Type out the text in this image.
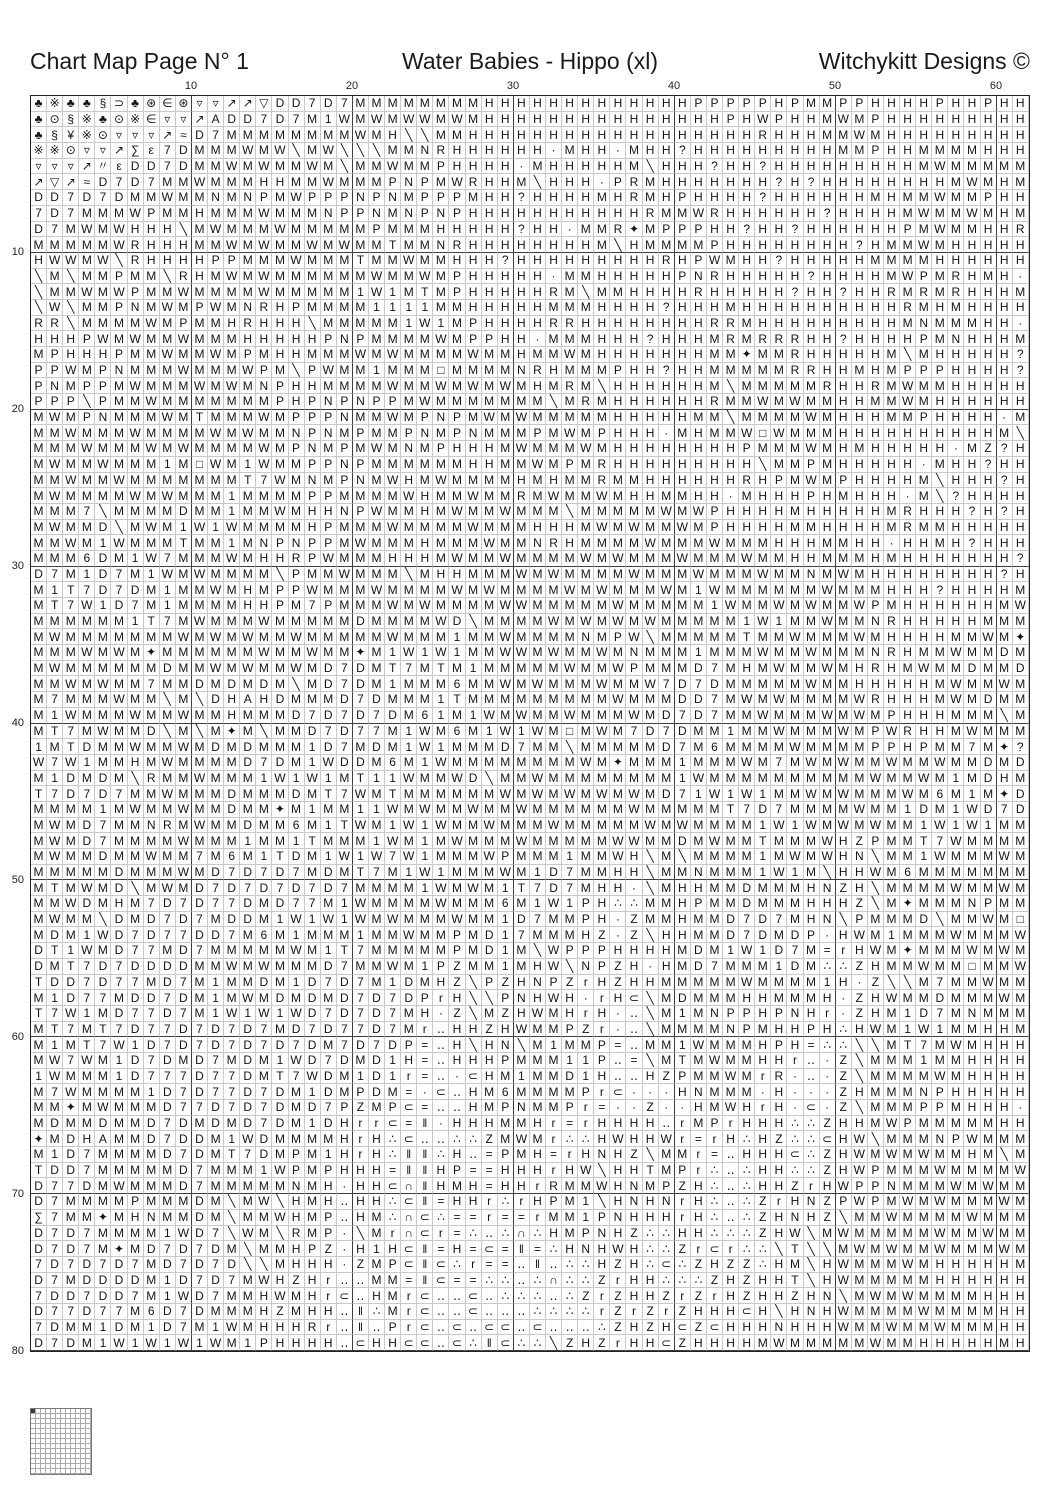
Chart Map Page N° 1	Water Babies - Hippo (xl)	Witchykitt Designs ©
10	20	30	40	50	60
10
20
30
40
50
60
70
80
♣ ※ ♣ ♣ § ⊃ ♣ ⊛ ∈ ⊛ ▿ ▿ ↗ ↗ ▽ D D 7 D 7 M M M M M M M M H H H H H H H H H H H H H P P P P P H P M M P P H H H H P H H P H H
♣ ⊙ § ※ ♣ ⊙ ※ ∈ ▿ ▿ ↗ A D D 7 D 7 M 1 W M W M W W M W M H H H H H H H H H H H H H H H P H W P H H M W M P H H H H H H H H H
♣ § ¥ ※ ⊙ ▿ ▿ ▿ ↗ ≈ D 7 M M M M M M M M W M H ╲ ╲ M M H H H H H H H H H H H H H H H H H H R H H H M M W M H H H H H H H H H
※ ※ ⊙ ▿ ▿ ↗ ∑ ε 7 D M M M W M W ╲ M W ╲ ╲ ╲ M M N R H H H H H H · M H H · M H H ? H H H H H H H H H M M P H H M M M M H H H
▿ ▿ ▿ ↗ 〃 ε D D 7 D M M W M W M M W M ╲ M M W M M P H H H H · M H H H H H M ╲ H H H ? H H ? H H H H H H H H H M W M M M M M
↗ ▽ ↗ ≈ D 7 D 7 M M W M M M H H M M W M M M P N P M W R H H M ╲ H H H · P R M H H H H H H H ? H ? H H H H H H H H M W M H M
D D 7 D 7 D M M W M M N M N P M W P P P N P N M P P P M H H ? H H H H M H R M H P H H H H ? H H H H H H M H M M W M M P H H
7 D 7 M M M W P M M H M M M W M M M N P P N M N P N P H H H H H H H H H H H R M M W R H H H H H H ? H H H H M W M M W M H M
D 7 M W M W H H H ╲ M W M M M W M M M M M P M M M H H H H H ? H H · M M R ✦ M P P P H H ? H H ? H H H H H H P M W M M H H R
M M M M M W R H H H M M W M W M M W M W M M T M M N R H H H H H H H H M ╲ H M M M M P H H H H H H H H ? H M M W M H H H H H
H W W M W ╲ R H H H H P P M M M W M M M T M M W M M H H H ? H H H H H H H H H R H P W M H H ? H H H H H M M M M H H H H H H
╲ M ╲ M M P M M ╲ R H M W M W M M M M M M W M M W M P H H H H H · M M H H H H H P N R H H H H H ? H H H H M W P M R H M H ·
╲ M M W M W P M M W M M M M W M M M M M 1 W 1 M T M P H H H H H R M ╲ M M H H H H R H H H H H ? H H ? H H R M R M R H H H M
╲ W ╲ M M P N M W M P W M N R H P M M M M 1 1 1 1 M M H H H H H M M M H H H H ? H H H M H H H H H H H H H H R M H M H H H H
R R ╲ M M M M W M P M M H R H H H ╲ M M M M M 1 W 1 M P H H H H R R H H H H H H H H R R M H H H H H H H H H M N M M M H H ·
H H H P W M W M M W M M M H H H H H P N P M M M M W M P P H H · M M M H H H ? H H H M R M R R R H H ? H H H H P M N H H H M
M P H H H P M M W M M W M P M H H M M M W M W M M M M W M M H M M W M H H H H H H H M M ✦ M M R H H H H H M ╲ M H H H H H ?
P P W M P N M M M W M M M W P M ╲ P W M M 1 M M M □ M M M M N R H M M M P H H ? H H M M M M M R R H H M H M P P P H H H H ?
P N M P P M W M M M W M W M N P H H M M M M W M M W M W M W M H M R M ╲ H H H H H H M ╲ M M M M M R H H R M W M M H H H H H
P P P ╲ P M M W M M M M M M M P H P N P N P P M W M M M M M M M ╲ M R M H H H H H H R M M W M W M M H H M M W M H H H H H H
M W M P N M M M W M T M M M W M P P P N M M W M P N P M W M W M M M M M H H H H H M M ╲ M M M M W M H H H M M P H H H H · M
M M W M M M W M M M M W M W M M N P N M P M M P N M P N M M M P M W M P H H H · M H M M W □ W M M M H H H H H H H H H H M ╲
M M M W M M M W M W M M M M W M P N M P M W M N M P H H H M W M M M W M H H H H H H H H P M M M W M H M H H H H H · M Z ? H
M W M M W M M M 1 M □ W M 1 W M M P P N P M M M M M M H H M M W M P M R H H H H H H H H H ╲ M M P M H H H H H · M H H ? H H
M M W M M W M M M M M M M T 7 W M N M P N M W H M W M M M M H M H M M R M M H H H H H H R H P M W M P H H H H M ╲ H H H ? H
M W M M M M W M W M M M 1 M M M M P P M M M M W H M M W M M R M W M M W M H H M M H H · M H H H P H M H H H · M ╲ ? H H H H
M M M 7 ╲ M M M M D M M 1 M M W M H H N P W M M H M W M M W M M M ╲ M M M M M W M W P H H H H M H H H H H M R H H H ? H ? H
M W M M D ╲ M W M 1 W 1 W M M M M H P M M M W M M M M W M M M H H H M W M W M M W M P H H H H M M H H H H M R M M H H H H H
M M W M 1 W M M M T M M 1 M N P N P P M W M M M H M M M W M M N R H M M M M W M M M W M M M H H H M M H H · H H M H ? H H H
M M M 6 D M 1 W 7 M M M W M H H R P W M M M H H H M W M M W M M M M W M W M M M W M M M W M M H H M M M H M H H H H H H H ?
D 7 M 1 D 7 M 1 W M W M M M M ╲ P M M W M M M ╲ M H H M M M W M W M M M M W M M M W M M M W M M N M W M H H H H H H H H ? H
M 1 T 7 D 7 D M 1 M M W M H M P P W M M M W M M M M W M W M M M M W M W M M M W M 1 W M M M M M M W M M M H H H ? H H H H M
M T 7 W 1 D 7 M 1 M M M M H H P M 7 P M M M W M W M M M M W W M M M M M W M M M M M 1 W M M W M W M M W P M H H H H H H M W
M M M M M M 1 T 7 M W M M M W M M M M M D M M M M W D ╲ M M M M W M W M W M W M M M M M 1 W 1 M M W M M N R H H H H H M M M
M W M M M M M M M W M W M W M M W M M M M M W M M M 1 M M W M M M M N M P W ╲ M M M M M T M M W M M M W M H H H H M M W M ✦
M M M W M W M ✦ M M M M M M W M M W M M ✦ M 1 W 1 W 1 M M W W M W M M W M N M M M 1 M M M W M M W M M M N R H M M W M M D M
M W M M M M M M D M M W M W M M W M D 7 D M T 7 M T M 1 M M M M M W M M W P M M M D 7 M H M W M M W M H R H M W M M D M M D
M M W M W M M 7 M M D M D M D M ╲ M D 7 D M 1 M M M 6 M M W M W M M M W M M W 7 D 7 D M M M M M W M M H H H H H M W M M W M
M 7 M M M W M M ╲ M ╲ D H A H D M M M D 7 D M M M 1 T M M M M M M M M M W M M M D D 7 M W M W M M M M W R H H H M W M D M M
M 1 W M M M W M M W M M H M M M D 7 D 7 D 7 D M 6 1 M 1 W M W M M W M M M W M D 7 D 7 M M W M M M W M W M P H H H M M M ╲ M
M T 7 M W M M D ╲ M ╲ M ✦ M ╲ M M D 7 D 7 7 M 1 W M 6 M 1 W 1 W M □ M W M 7 D 7 D M M 1 M M W M M M W M P W R H H M W M M M
1 M T D M M W M M W M D M D M M M 1 D 7 M D M 1 W 1 M M M D 7 M M ╲ M M M M M D 7 M 6 M M M M W M M M M P P H P M M 7 M ✦ ?
W 7 W 1 M M H M W M M M M D 7 D M 1 W D D M 6 M 1 W M M M M M M M M W M ✦ M M M 1 M M M W M 7 M W M W M M W M M W M M D M D
M 1 D M D M ╲ R M M W M M M 1 W 1 W 1 M T 1 1 W M M W D ╲ M M W M M M M M M M M 1 W M M M M M M M M M M W M M W M 1 M D H M
T 7 D 7 D 7 M M W M M M D M M M D M T 7 W M T M M M M M M W M W M W M W M W M D 7 1 W 1 W 1 M M W M W M M M W M 6 M 1 M ✦ D
M M M M 1 M W M M W M M D M M ✦ M 1 M M 1 1 W M W M M W M M W M M M M M M W M M M M M T 7 D 7 M M M M W M M 1 D M 1 W D 7 D
M W M D 7 M M N R M W M M D M M 6 M 1 T W M 1 W 1 W M M W M M M W M M M M M W M W M M M M 1 W 1 W M W M W M M 1 W 1 W 1 M M
M W M D 7 M M M M W M M M 1 M M 1 T M M M 1 W M 1 M W M M M W M M M M M W W M M D M W M M T M M M W H Z P M M T 7 W M M M M
M W M M D M M W M M 7 M 6 M 1 T D M 1 W 1 W 7 W 1 M M M W P M M M 1 M M W H ╲ M ╲ M M M M 1 M W M W H N ╲ M M 1 W M M M W M
M M M M M D M M M W M D 7 D 7 D 7 M D M T 7 M 1 W 1 M M M W M 1 D 7 M M H H ╲ M M N M M M 1 W 1 M ╲ H H W M 6 M M M M M M M
M T M W M D ╲ M W M D 7 D 7 D 7 D 7 D 7 M M M M 1 W M W M 1 T 7 D 7 M H H · ╲ M H H M M D M M M H N Z H ╲ M M M M W M M W M
M M W D M H M 7 D 7 D 7 7 D M D 7 7 M 1 W M M M M W M M M 6 M 1 W 1 P H ∴ ∴ M M H P M M D M M M H H H Z ╲ M ✦ M M M N P M M
M W M M ╲ D M D 7 D 7 M D D M 1 W 1 W 1 W M W M M M W M M 1 D 7 M M P H · Z M M H M M D 7 D 7 M H N ╲ P M M M D ╲ M M W M □
M D M 1 W D 7 D 7 7 D D 7 M 6 M 1 M M M 1 M M W M M P M D 1 7 M M M H Z · Z ╲ H H M M D 7 D M D P · H W M 1 M M M W M M M W
D T 1 W M D 7 7 M D 7 M M M M M W M 1 T 7 M M M M M P M D 1 M ╲ W P P P H H H H M D M 1 W 1 D 7 M = r H W M ✦ M M M W M W M
D M T 7 D 7 D D D D M M W M W M M M D 7 M M W M 1 P Z M M 1 M H W ╲ N P Z H · H M D 7 M M M 1 D M ∴ ∴ Z H M M W M M □ M M W
T D D 7 D 7 7 M D 7 M 1 M M D M 1 D 7 D 7 M 1 D M H Z ╲ P Z H N P Z r H Z H H M M M M M W M M M M 1 H · Z ╲ ╲ M 7 M M W M M
M 1 D 7 7 M D D 7 D M 1 M W M D M D M D 7 D 7 D P r H ╲ ╲ P N H W H ·	r H ⊂ ╲ M D M M M H H M M M H · Z H W M M D M M M W M
T 7 W 1 M D 7 7 D 7 M 1 W 1 W 1 W D 7 D 7 D 7 M H · Z ╲ M Z H W M H r H · ‥ ╲ M 1 M N P P H P N H r	· Z H M 1 D 7 M N M M M
M T 7 M T 7 D 7 7 D 7 D 7 D 7 M D 7 D 7 7 D 7 M r ‥ H H Z H W M M P Z r	· ‥ ╲ M M M M N P M H H P H ∴ H W M 1 W 1 M M H H M
M 1 M T 7 W 1 D 7 D 7 D 7 D 7 D 7 D M 7 D 7 D P = ‥ H ╲ H N ╲ M 1 M M P = ‥ M M 1 W M M M H P H = ∴ ∴ ╲ ╲ M T 7 M W M H H H
M W 7 W M 1 D 7 D M D 7 M D M 1 W D 7 D M D 1 H = ‥ H H H P M M M 1 1 P ‥ = ╲ M T M W M M H H r ‥ · Z ╲ M M M 1 M M H H H H
1 W M M M 1 D 7 7 7 D 7 7 D M T 7 W D M 1 D 1 r = ‥ · ⊂ H M 1 M M D 1 H ‥ ‥ H Z P M M W M r R · ‥ · Z ╲ M M M M W M H H H H
M 7 W M M M M 1 D 7 D 7 7 D 7 D M 1 D M P D M = · ⊂ ‥ H M 6 M M M M P r ⊂ ·	·	· H N M M M · H ·	·	· Z H M M M N P H H H H H
M M ✦ M W M M M D 7 7 D 7 D 7 D M D 7 P Z M P ⊂ = ‥ ‥ H M P N M M P r = ·	· Z ·	· H M W H r H · ⊂ · Z ╲ M M M P P M H H H ·
M D M M D M M D 7 D M D M D 7 D M 1 D H r	r ⊂ = ‖ · H H H M M H r = r H H H H ‥ r M P r H H H ∴ ∴ Z H H M W P M M M M M H H
✦ M D H A M M D 7 D D M 1 W D M M M M H r H ∴ ⊂ ‥ ‥ ∴ ∴ Z M W M r ∴ ∴ H W H H W r = r H ∴ H Z ∴ ∴ ⊂ H W ╲ M M M N P W M M M
M 1 D 7 M M M M D 7 D M T 7 D M P M 1 H r H ∴ ‖ ‖ ∴ H ‥ = P M H = r H N H Z ╲ M M r = ‥ H H H ⊂ ∴ Z H W M W M W M M H M ╲ M
T D D 7 M M M M M D 7 M M M 1 W P M P H H H = ‖ ‖ H P = = H H H r H W ╲ H H T M P r ∴ ‥ ∴ H H ∴ ∴ Z H W P M M M W M M M M W
D 7 7 D M W M M M D 7 M M M M M N M H · H H ⊂ ∩ ‖ H M H = H H r R M M W H N M P Z H ∴ ‥ ∴ H H Z r H W P P N M M M W M W M M
D 7 M M M M P M M M D M ╲ M W ╲ H M H ‥ H H ∴ ⊂ ‖ = H H r ∴ r H P M 1 ╲ H N H N r H ∴ ‥ ∴ Z r H N Z P W P M W M W M M M W M
∑ 7 M M ✦ M H N M M D M ╲ M M W H M P ‥ H M ∴ ∩ ⊂ ∴ = = r = = r M M 1 P N H H H r H ∴ ‥ ∴ Z H N H Z ╲ M M W M M M M W M M M
D 7 D 7 M M M M 1 W D 7 ╲ W M ╲ R M P · ╲ M r ∩ ⊂ r = ∴ ‥ ∴ ∩ ∴ H M P N H Z ∴ ∴ H H ∴ ∴ ∴ Z H W ╲ M W M M M M M W M M W M M
D 7 D 7 M ✦ M D 7 D 7 D M ╲ M M H P Z · H 1 H ⊂ ‖ = H = ⊂ = ‖ = ∴ H N H W H ∴ ∴ Z r ⊂ r ∴ ∴ ╲ T ╲ ╲ M W M W M M W M M M W M
7 D 7 D 7 D 7 M D 7 D 7 D ╲ ╲ M H H H · Z M P ⊂ ‖ ⊂ ∴ r = = ‥ ‖ ‥ ∴ ∴ H Z H ∴ ⊂ ∴ Z H Z Z ∴ H M ╲ H W M M M W M H H H H H M
D 7 M D D D D M 1 D 7 D 7 M W H Z H r ‥ ‥ M M = ‖ ⊂ = = ∴ ∴ ‥ ∴ ∩ ∴ ∴ Z r H H ∴ ∴ ∴ Z H Z H H T ╲ H W M M M M M H H H H H H
7 D D 7 D D 7 M 1 W D 7 M M H W M H r ⊂ ‥ H M r ⊂ ‥ ‥ ⊂ ‥ ∴ ∴ ∴ ‥ ∴ Z r Z H H Z r Z r H Z H H Z H N ╲ M W M W M M M M H H H
D 7 7 D 7 7 M 6 D 7 D M M M H Z M H H ‥ ‖ ∴ M r ⊂ ‥ ‥ ⊂ ‥ ‥ ‥ ∴ ∴ ∴ ∴ r Z r Z r Z H H H ⊂ H ╲ H N H W M M M M W M M M M H H
7 D M M 1 D M 1 D 7 M 1 W M H H H R r ‥ ‖ ‥ P r ⊂ ‥ ⊂ ‥ ⊂ ⊂ ‥ ⊂ ‥ ‥ ‥ ∴ Z H Z H ⊂ Z ⊂ H H H N H H H W M M W M M W M M M H H
D 7 D M 1 W 1 W 1 W 1 W M 1 P H H H H ‥ ⊂ H H ⊂ ⊂ ‥ ⊂ ∴ ‖ ⊂ ∴ ∴ ╲ Z H Z r H H ⊂ Z H H H H M W M M M M M W M M H H H H H M H
